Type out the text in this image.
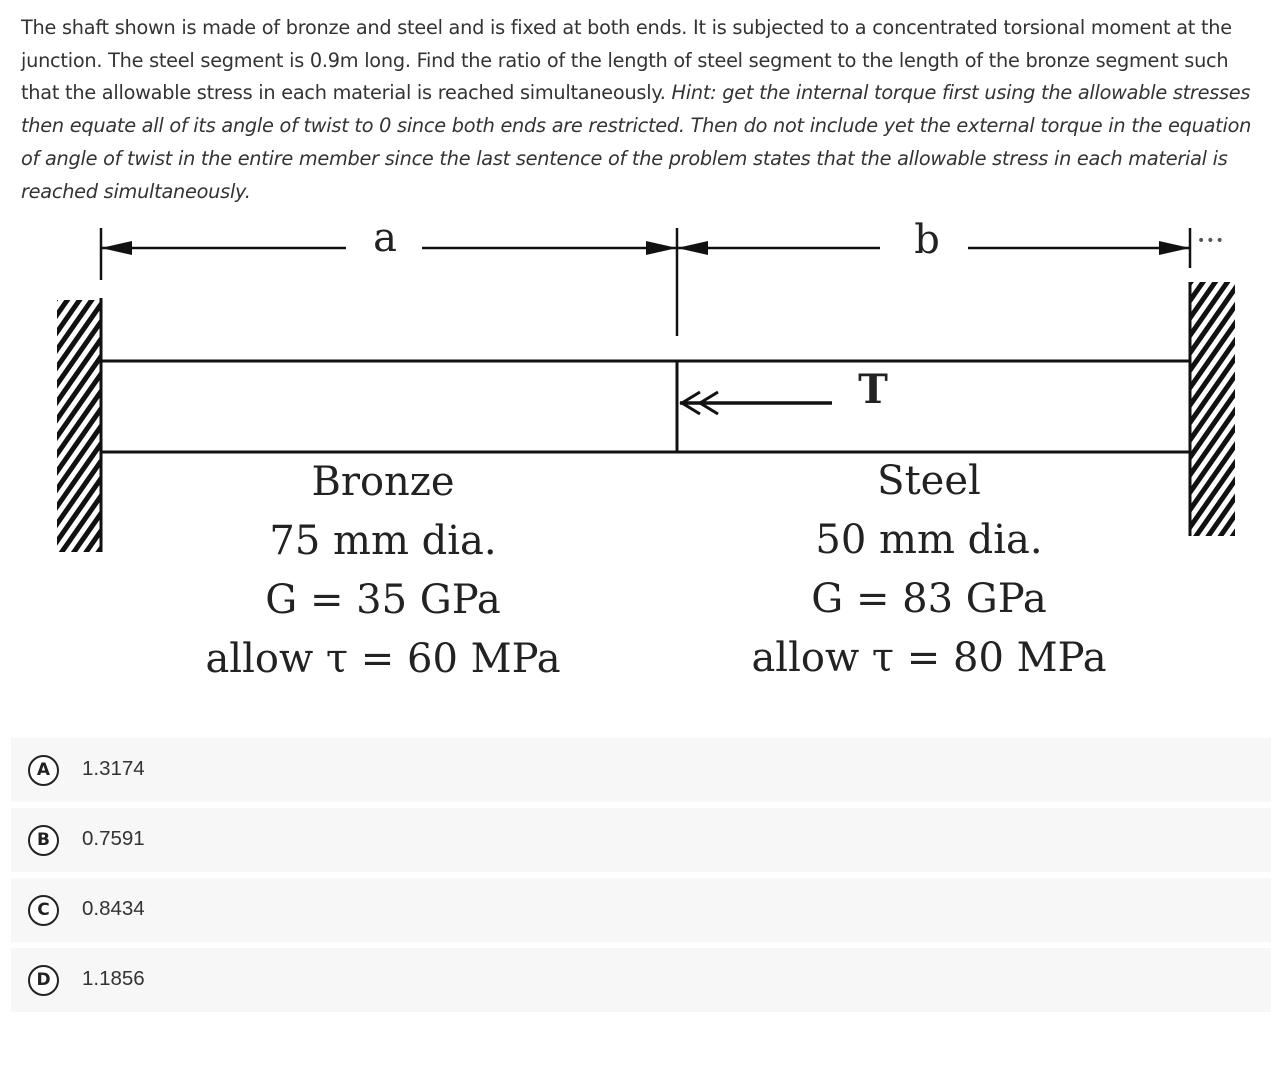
The shaft shown is made of bronze and steel and is fixed at both ends. It is subjected to a concentrated torsional moment at the junction. The steel segment is 0.9m long. Find the ratio of the length of steel segment to the length of the bronze segment such that the allowable stress in each material is reached simultaneously. Hint: get the internal torque first using the allowable stresses then equate all of its angle of twist to 0 since both ends are restricted. Then do not include yet the external torque in the equation of angle of twist in the entire member since the last sentence of the problem states that the allowable stress in each material is reached simultaneously.
a	b
T
Bronze
75 mm dia.
G = 35 GPa
allow τ = 60 MPa
Steel
50 mm dia.
G = 83 GPa
allow τ = 80 MPa
•••
A	1.3174
B	0.7591
C	0.8434
D	1.1856
